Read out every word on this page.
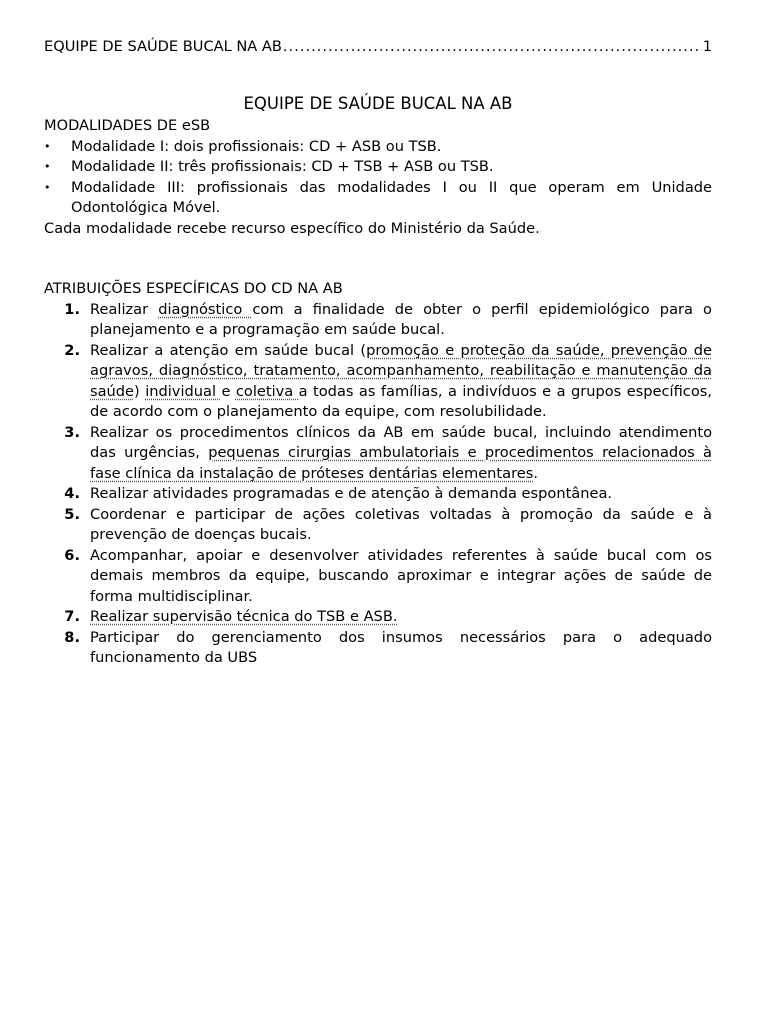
EQUIPE DE SAÚDE BUCAL NA AB
.....	1
EQUIPE DE SAÚDE BUCAL NA AB
MODALIDADES DE eSB
• Modalidade I: dois profissionais: CD + ASB ou TSB.
• Modalidade II: três profissionais: CD + TSB + ASB ou TSB.
• Modalidade III: profissionais das modalidades I ou II que operam em Unidade Odontológica Móvel.
Cada modalidade recebe recurso específico do Ministério da Saúde.
ATRIBUIÇÕES ESPECÍFICAS DO CD NA AB
1. Realizar diagnóstico com a finalidade de obter o perfil epidemiológico para o planejamento e a programação em saúde bucal.
2. Realizar a atenção em saúde bucal (promoção e proteção da saúde, prevenção de agravos, diagnóstico, tratamento, acompanhamento, reabilitação e manutenção da saúde) individual e coletiva a todas as famílias, a indivíduos e a grupos específicos, de acordo com o planejamento da equipe, com resolubilidade.
3. Realizar os procedimentos clínicos da AB em saúde bucal, incluindo atendimento das urgências, pequenas cirurgias ambulatoriais e procedimentos relacionados à fase clínica da instalação de próteses dentárias elementares.
4. Realizar atividades programadas e de atenção à demanda espontânea.
5. Coordenar e participar de ações coletivas voltadas à promoção da saúde e à prevenção de doenças bucais.
6. Acompanhar, apoiar e desenvolver atividades referentes à saúde bucal com os demais membros da equipe, buscando aproximar e integrar ações de saúde de forma multidisciplinar.
7. Realizar supervisão técnica do TSB e ASB.
8. Participar do gerenciamento dos insumos necessários para o adequado funcionamento da UBS
